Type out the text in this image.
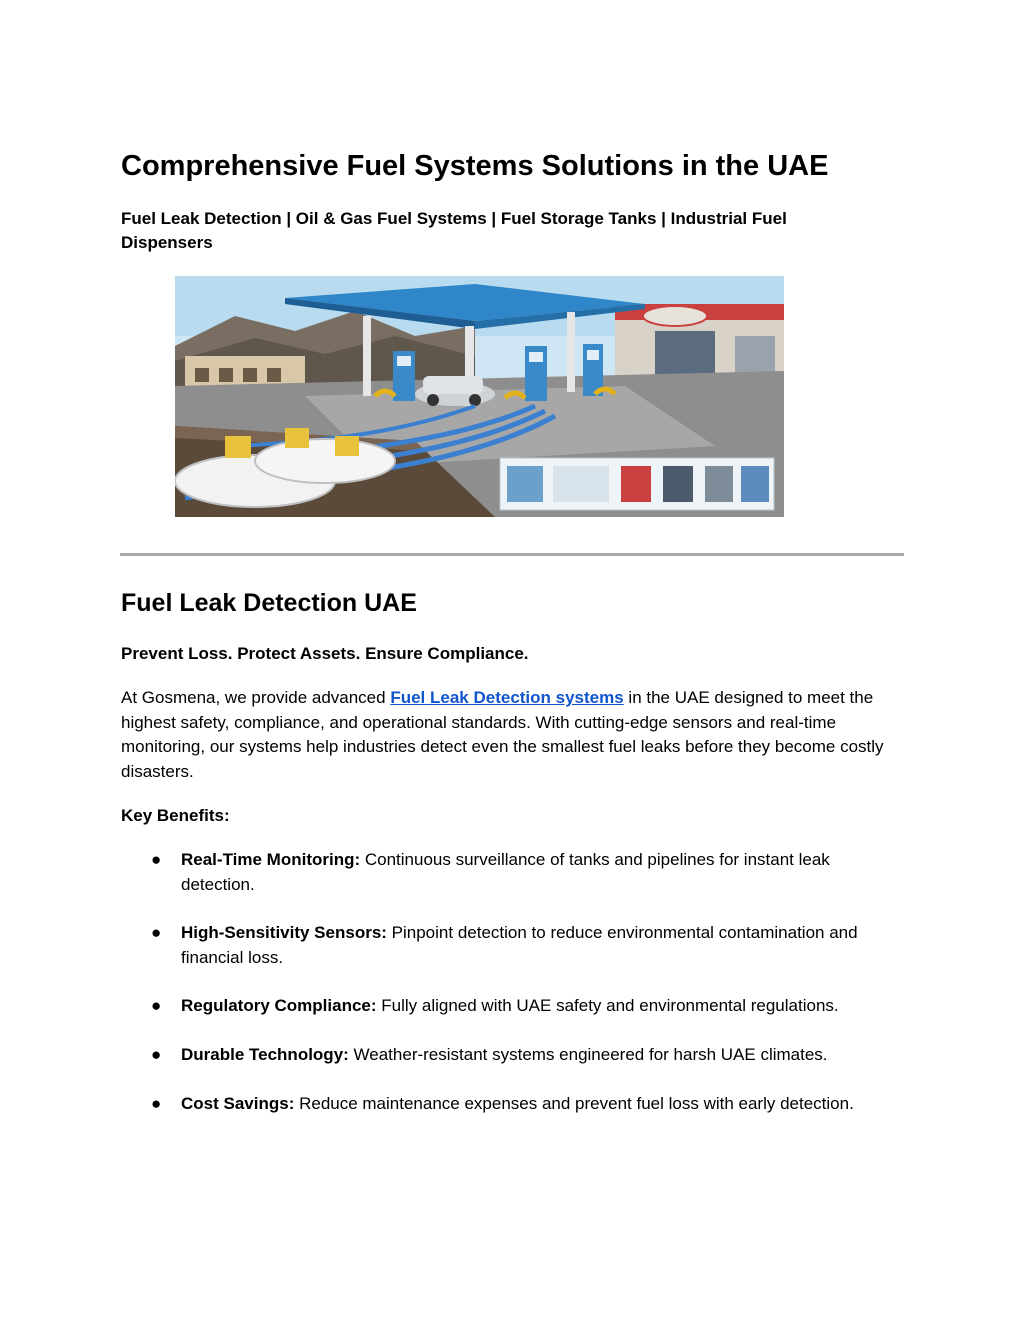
Comprehensive Fuel Systems Solutions in the UAE
Fuel Leak Detection | Oil & Gas Fuel Systems | Fuel Storage Tanks | Industrial Fuel Dispensers
Fuel Leak Detection UAE
Prevent Loss. Protect Assets. Ensure Compliance.
At Gosmena, we provide advanced Fuel Leak Detection systems in the UAE designed to meet the highest safety, compliance, and operational standards. With cutting-edge sensors and real-time monitoring, our systems help industries detect even the smallest fuel leaks before they become costly disasters.
Key Benefits:
●	Real-Time Monitoring: Continuous surveillance of tanks and pipelines for instant leak detection.
●	High-Sensitivity Sensors: Pinpoint detection to reduce environmental contamination and financial loss.
●	Regulatory Compliance: Fully aligned with UAE safety and environmental regulations.
●	Durable Technology: Weather-resistant systems engineered for harsh UAE climates.
●	Cost Savings: Reduce maintenance expenses and prevent fuel loss with early detection.
